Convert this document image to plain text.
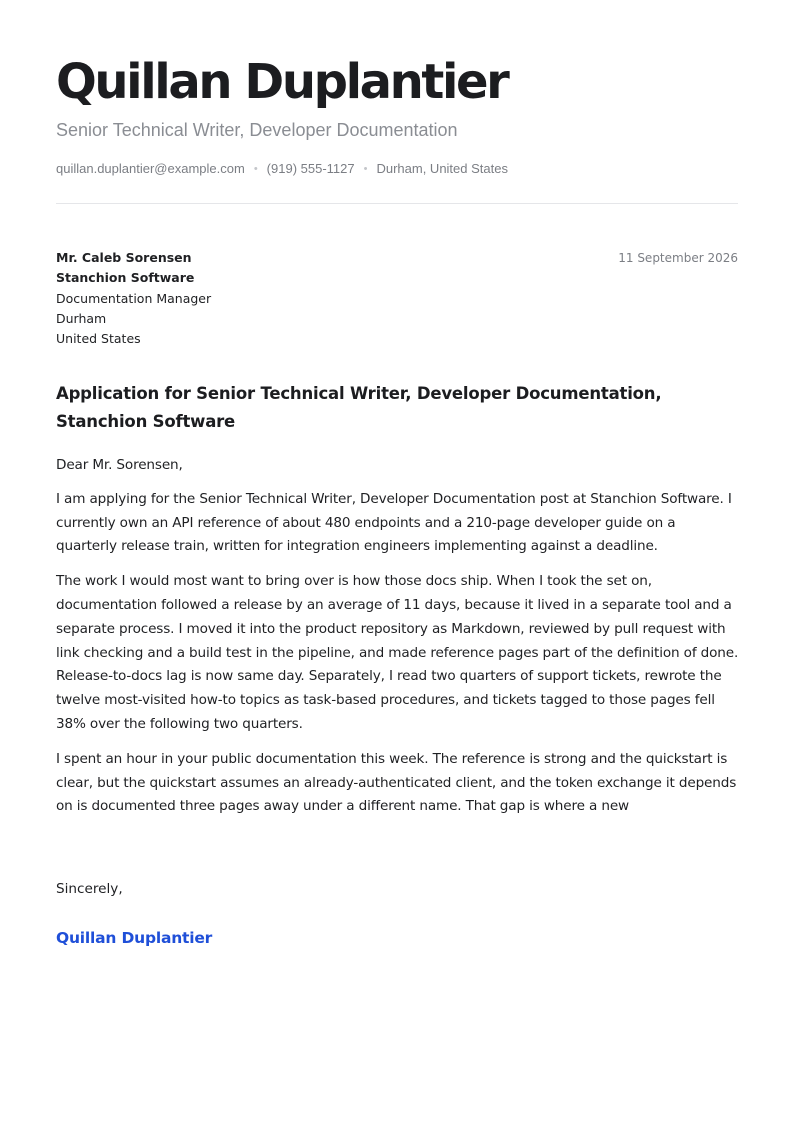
Quillan Duplantier
Senior Technical Writer, Developer Documentation
quillan.duplantier@example.com • (919) 555-1127 • Durham, United States
Mr. Caleb Sorensen
Stanchion Software
Documentation Manager
Durham
United States
11 September 2026
Application for Senior Technical Writer, Developer Documentation, Stanchion Software

Dear Mr. Sorensen,

I am applying for the Senior Technical Writer, Developer Documentation post at Stanchion Software. I currently own an API reference of about 480 endpoints and a 210-page developer guide on a quarterly release train, written for integration engineers implementing against a deadline.

The work I would most want to bring over is how those docs ship. When I took the set on, documentation followed a release by an average of 11 days, because it lived in a separate tool and a separate process. I moved it into the product repository as Markdown, reviewed by pull request with link checking and a build test in the pipeline, and made reference pages part of the definition of done. Release-to-docs lag is now same day. Separately, I read two quarters of support tickets, rewrote the twelve most-visited how-to topics as task-based procedures, and tickets tagged to those pages fell 38% over the following two quarters.

I spent an hour in your public documentation this week. The reference is strong and the quickstart is clear, but the quickstart assumes an already-authenticated client, and the token exchange it depends on is documented three pages away under a different name. That gap is where a new

Sincerely,
Quillan Duplantier
